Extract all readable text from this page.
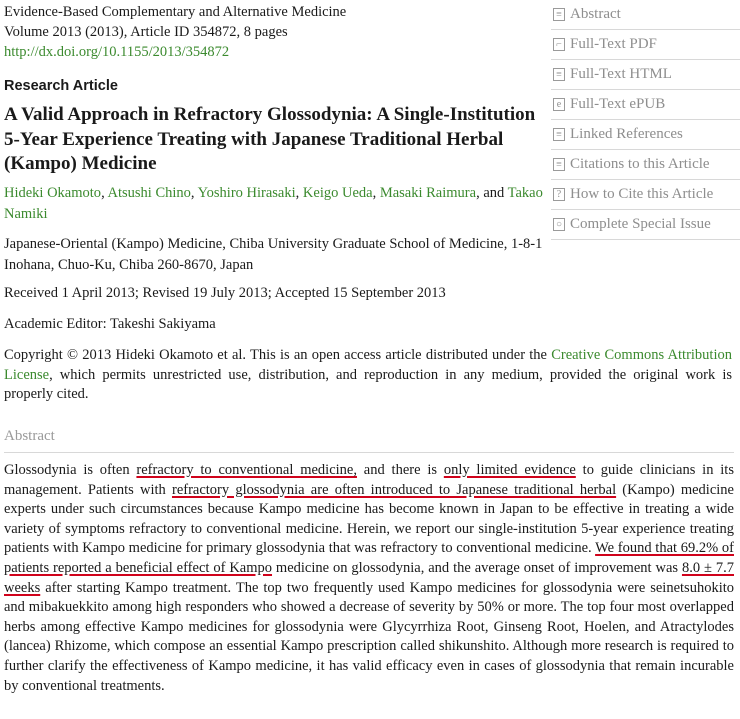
Evidence-Based Complementary and Alternative Medicine
Volume 2013 (2013), Article ID 354872, 8 pages
http://dx.doi.org/10.1155/2013/354872
≡ Abstract
⌐ Full-Text PDF
≡ Full-Text HTML
e Full-Text ePUB
≡ Linked References
≡ Citations to this Article
? How to Cite this Article
○ Complete Special Issue
Research Article
A Valid Approach in Refractory Glossodynia: A Single-Institution 5-Year Experience Treating with Japanese Traditional Herbal (Kampo) Medicine
Hideki Okamoto, Atsushi Chino, Yoshiro Hirasaki, Keigo Ueda, Masaki Raimura, and Takao Namiki
Japanese-Oriental (Kampo) Medicine, Chiba University Graduate School of Medicine, 1-8-1 Inohana, Chuo-Ku, Chiba 260-8670, Japan
Received 1 April 2013; Revised 19 July 2013; Accepted 15 September 2013
Academic Editor: Takeshi Sakiyama
Copyright © 2013 Hideki Okamoto et al. This is an open access article distributed under the Creative Commons Attribution License, which permits unrestricted use, distribution, and reproduction in any medium, provided the original work is properly cited.
Abstract

Glossodynia is often refractory to conventional medicine, and there is only limited evidence to guide clinicians in its management. Patients with refractory glossodynia are often introduced to Japanese traditional herbal (Kampo) medicine experts under such circumstances because Kampo medicine has become known in Japan to be effective in treating a wide variety of symptoms refractory to conventional medicine. Herein, we report our single-institution 5-year experience treating patients with Kampo medicine for primary glossodynia that was refractory to conventional medicine. We found that 69.2% of patients reported a beneficial effect of Kampo medicine on glossodynia, and the average onset of improvement was 8.0 ± 7.7 weeks after starting Kampo treatment. The top two frequently used Kampo medicines for glossodynia were seinetsuhokito and mibakuekkito among high responders who showed a decrease of severity by 50% or more. The top four most overlapped herbs among effective Kampo medicines for glossodynia were Glycyrrhiza Root, Ginseng Root, Hoelen, and Atractylodes (lancea) Rhizome, which compose an essential Kampo prescription called shikunshito. Although more research is required to further clarify the effectiveness of Kampo medicine, it has valid efficacy even in cases of glossodynia that remain incurable by conventional treatments.
